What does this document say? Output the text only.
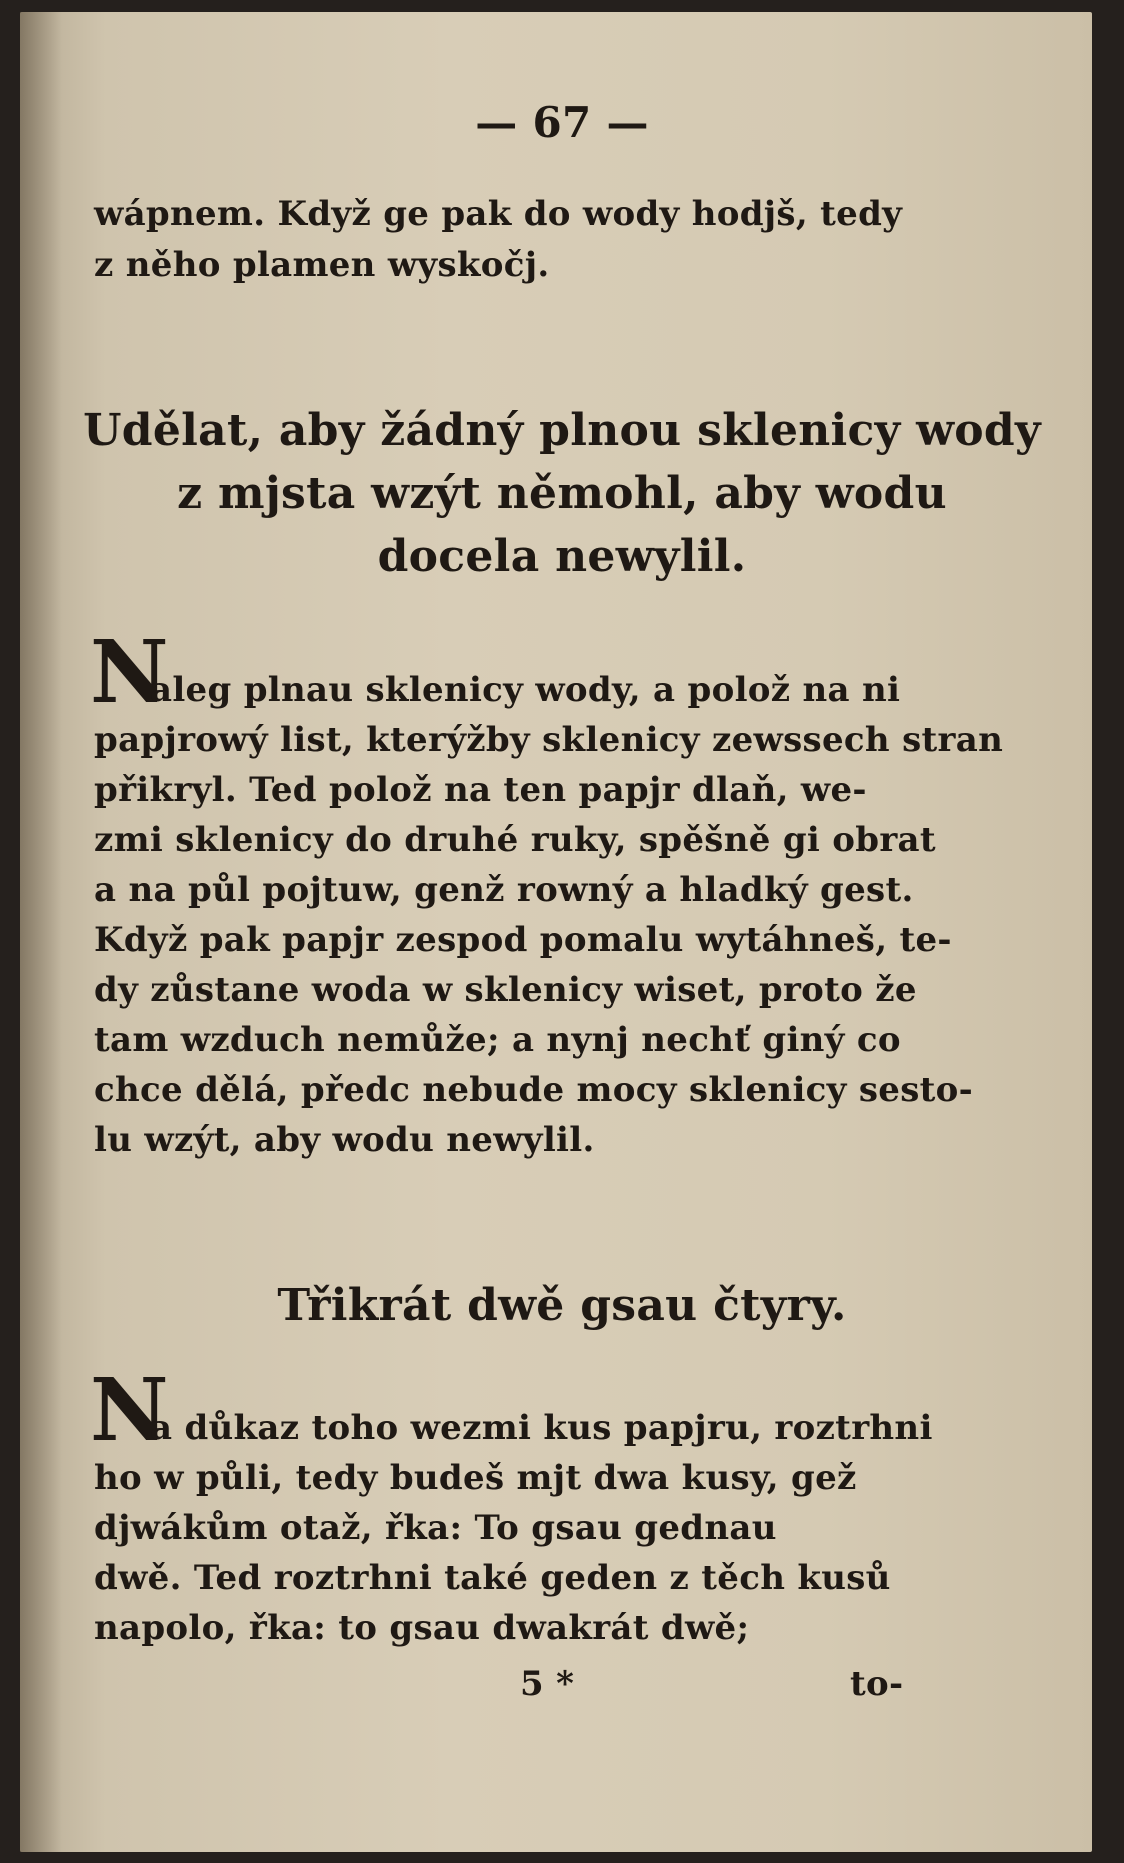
— 67 —
wápnem. Když ge pak do wody hodjš, tedy
z něho plamen wyskočj.
Udělat, aby žádný plnou sklenicy wody
z mjsta wzýt němohl, aby wodu
docela newylil.
N
aleg plnau sklenicy wody, a polož na ni
papjrowý list, kterýžby sklenicy zewssech stran
přikryl. Ted polož na ten papjr dlaň, we-
zmi sklenicy do druhé ruky, spěšně gi obrat
a na půl pojtuw, genž rowný a hladký gest.
Když pak papjr zespod pomalu wytáhneš, te-
dy zůstane woda w sklenicy wiset, proto že
tam wzduch nemůže; a nynj nechť giný co
chce dělá, předc nebude mocy sklenicy sesto-
lu wzýt, aby wodu newylil.
Třikrát dwě gsau čtyry.
N
a důkaz toho wezmi kus papjru, roztrhni
ho w půli, tedy budeš mjt dwa kusy, gež
djwákům otaž, řka: To gsau gednau
dwě. Ted roztrhni také geden z těch kusů
napolo, řka: to gsau dwakrát dwě;
5 *	to-
